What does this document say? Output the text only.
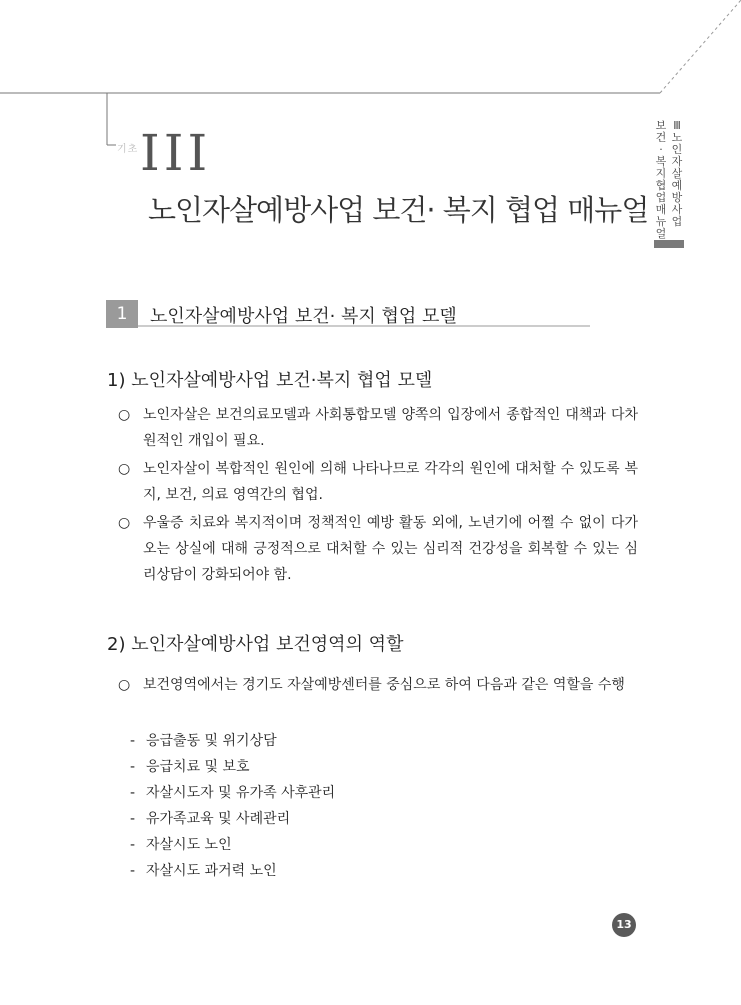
기초 III
노인자살예방사업 보건· 복지 협업 매뉴얼
Ⅲ 노인자살예방사업
보건·복지 협업 매뉴얼
1	노인자살예방사업 보건· 복지 협업 모델
1) 노인자살예방사업 보건·복지 협업 모델
○ 노인자살은 보건의료모델과 사회통합모델 양쪽의 입장에서 종합적인 대책과 다차원적인 개입이 필요.
○ 노인자살이 복합적인 원인에 의해 나타나므로 각각의 원인에 대처할 수 있도록 복지, 보건, 의료 영역간의 협업.
○ 우울증 치료와 복지적이며 정책적인 예방 활동 외에, 노년기에 어쩔 수 없이 다가오는 상실에 대해 긍정적으로 대처할 수 있는 심리적 건강성을 회복할 수 있는 심리상담이 강화되어야 함.
2) 노인자살예방사업 보건영역의 역할
○ 보건영역에서는 경기도 자살예방센터를 중심으로 하여 다음과 같은 역할을 수행
- 응급출동 및 위기상담
- 응급치료 및 보호
- 자살시도자 및 유가족 사후관리
- 유가족교육 및 사례관리
- 자살시도 노인
- 자살시도 과거력 노인
13
